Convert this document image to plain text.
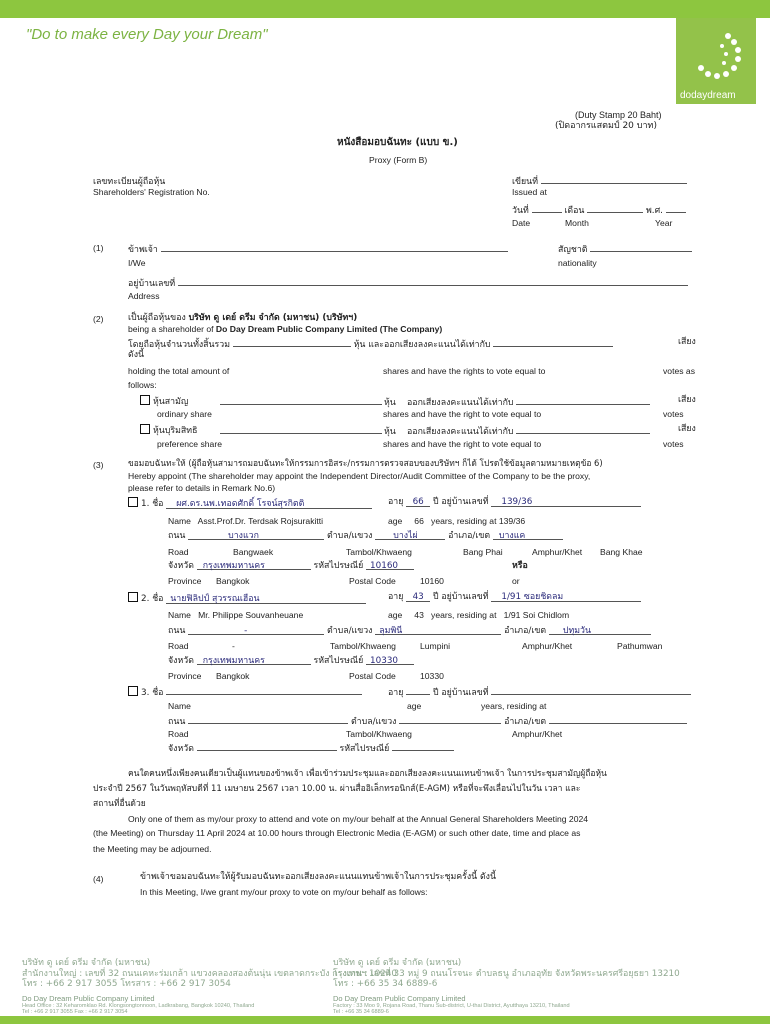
"Do to make every Day your Dream"
dodaydream
(Duty Stamp 20 Baht)
(ปิดอากรแสตมป์ 20 บาท)
หนังสือมอบฉันทะ (แบบ ข.)
Proxy (Form B)
เลขทะเบียนผู้ถือหุ้น
Shareholders' Registration No.
เขียนที่
Issued at
วันที่	เดือน	พ.ศ.
Date	Month	Year
(1)	ข้าพเจ้า	สัญชาติ
I/We	nationality
อยู่บ้านเลขที่
Address
(2)	เป็นผู้ถือหุ้นของ บริษัท ดู เดย์ ดรีม จำกัด (มหาชน) (บริษัทฯ)
being a shareholder of Do Day Dream Public Company Limited (The Company)
โดยถือหุ้นจำนวนทั้งสิ้นรวม	หุ้น และออกเสียงลงคะแนนได้เท่ากับ	เสียง
ดังนี้
holding the total amount of	shares and have the rights to vote equal to	votes as
follows:
หุ้นสามัญ	หุ้น ออกเสียงลงคะแนนได้เท่ากับ	เสียง
ordinary share	shares and have the right to vote equal to	votes
หุ้นบุริมสิทธิ	หุ้น ออกเสียงลงคะแนนได้เท่ากับ	เสียง
preference share	shares and have the right to vote equal to	votes
(3)	ขอมอบฉันทะให้ (ผู้ถือหุ้นสามารถมอบฉันทะให้กรรมการอิสระ/กรรมการตรวจสอบของบริษัทฯ ก็ได้ โปรดใช้ข้อมูลตามหมายเหตุข้อ 6)
Hereby appoint (The shareholder may appoint the Independent Director/Audit Committee of the Company to be the proxy,
please refer to details in Remark No.6)
1. ชื่อ ผศ.ดร.นพ.เทอดศักดิ์ โรจน์สุรกิตติ	อายุ 66 ปี อยู่บ้านเลขที่ 139/36
Name Asst.Prof.Dr. Terdsak Rojsurakitti	age 66 years, residing at 139/36
ถนน	บางแวก	ตำบล/แขวง บางไผ่	อำเภอ/เขต บางแค
Road	Bangwaek	Tambol/Khwaeng	Bang Phai	Amphur/Khet Bang Khae
จังหวัด กรุงเทพมหานคร	รหัสไปรษณีย์ 10160	หรือ
Province Bangkok	Postal Code	10160	or
2. ชื่อ นายฟิลิปป์ สุวรรณเฮือน	อายุ 43 ปี อยู่บ้านเลขที่ 1/91 ซอยชิดลม
Name Mr. Philippe Souvanheuane	age 43 years, residing at 1/91 Soi Chidlom
ถนน	-	ตำบล/แขวง ลุมพินี	อำเภอ/เขต ปทุมวัน
Road	-	Tambol/Khwaeng	Lumpini	Amphur/Khet	Pathumwan
จังหวัด กรุงเทพมหานคร	รหัสไปรษณีย์ 10330
Province Bangkok	Postal Code	10330
3. ชื่อ	อายุ	ปี อยู่บ้านเลขที่
Name	age	years, residing at
ถนน	ตำบล/แขวง	อำเภอ/เขต
Road	Tambol/Khwaeng	Amphur/Khet
จังหวัด	รหัสไปรษณีย์
คนใดคนหนึ่งเพียงคนเดียวเป็นผู้แทนของข้าพเจ้า เพื่อเข้าร่วมประชุมและออกเสียงลงคะแนนแทนข้าพเจ้า ในการประชุมสามัญผู้ถือหุ้น
ประจำปี 2567 ในวันพฤหัสบดีที่ 11 เมษายน 2567 เวลา 10.00 น. ผ่านสื่ออิเล็กทรอนิกส์(E-AGM) หรือที่จะพึงเลื่อนไปในวัน เวลา และ
สถานที่อื่นด้วย
Only one of them as my/our proxy to attend and vote on my/our behalf at the Annual General Shareholders Meeting 2024
(the Meeting) on Thursday 11 April 2024 at 10.00 hours through Electronic Media (E-AGM) or such other date, time and place as
the Meeting may be adjourned.
(4)	ข้าพเจ้าขอมอบฉันทะให้ผู้รับมอบฉันทะออกเสียงลงคะแนนแทนข้าพเจ้าในการประชุมครั้งนี้ ดังนี้
In this Meeting, I/we grant my/our proxy to vote on my/our behalf as follows:
บริษัท ดู เดย์ ดรีม จำกัด (มหาชน)
สำนักงานใหญ่ : เลขที่ 32 ถนนเคหะร่มเกล้า แขวงคลองสองต้นนุ่น เขตลาดกระบัง กรุงเทพฯ 10240
โทร : +66 2 917 3055 โทรสาร : +66 2 917 3054
Do Day Dream Public Company Limited
Head Office : 32 Keharomklao Rd. Klongsongtonnoon, Ladkrabang, Bangkok 10240, Thailand
Tel : +66 2 917 3055 Fax : +66 2 917 3054
บริษัท ดู เดย์ ดรีม จำกัด (มหาชน)
โรงงาน : เลขที่ 33 หมู่ 9 ถนนโรจนะ ตำบลธนู อำเภออุทัย จังหวัดพระนครศรีอยุธยา 13210
โทร : +66 35 34 6889-6
Do Day Dream Public Company Limited
Factory : 33 Moo 9, Rojana Road, Thanu Sub-district, U-thai District, Ayutthaya 13210, Thailand
Tel : +66 35 34 6889-6
